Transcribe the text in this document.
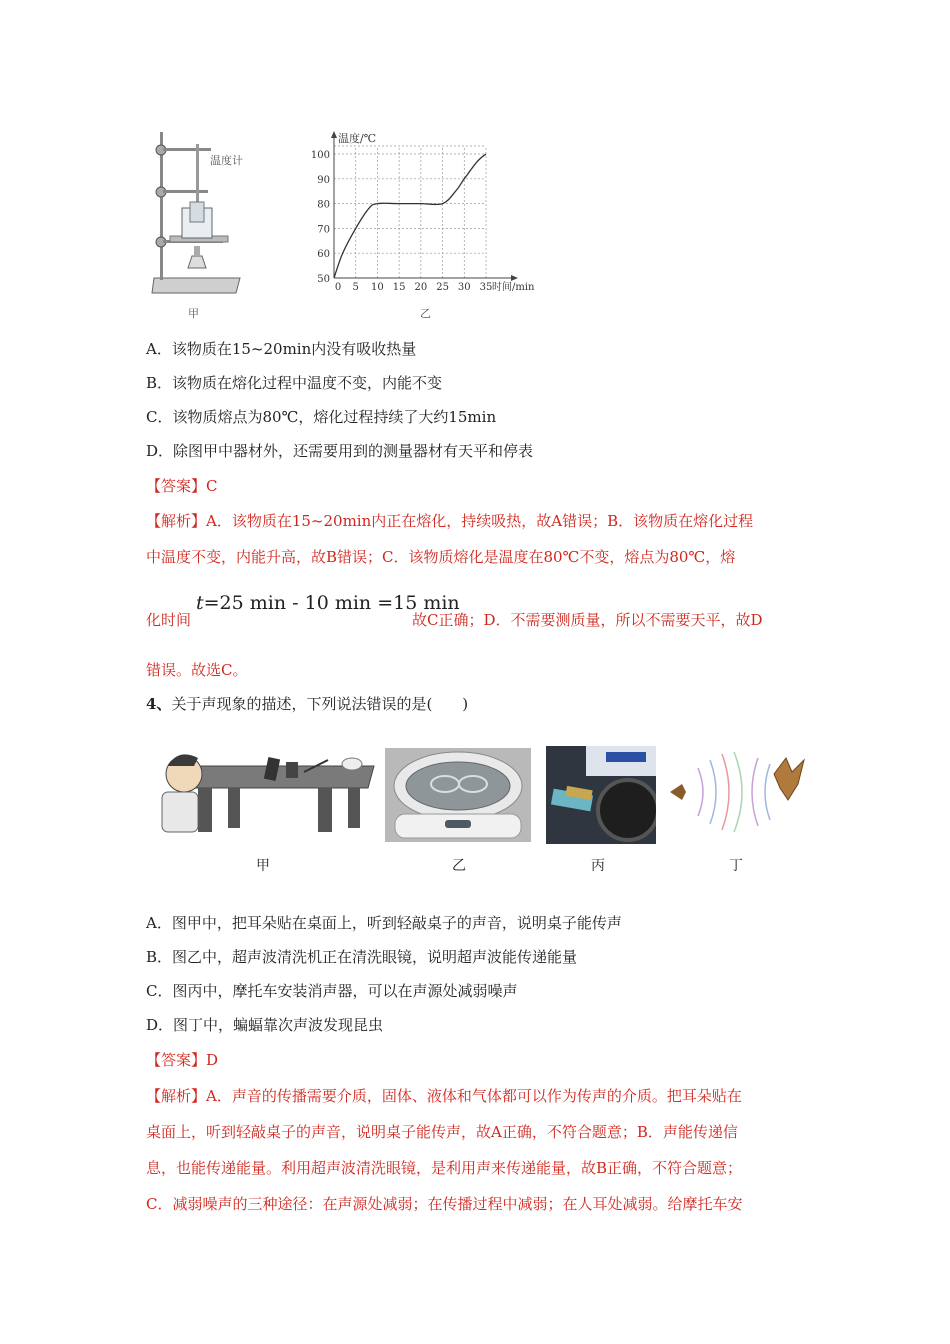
温度计
甲
100
90
80
70
60
50
0 5 10 15 20 25 30 35
温度/℃
时间/min
乙
A．该物质在15~20min内没有吸收热量
B．该物质在熔化过程中温度不变，内能不变
C．该物质熔点为80℃，熔化过程持续了大约15min
D．除图甲中器材外，还需要用到的测量器材有天平和停表
【答案】C
【解析】A．该物质在15~20min内正在熔化，持续吸热，故A错误；B．该物质在熔化过程
中温度不变，内能升高，故B错误；C．该物质熔化是温度在80℃不变，熔点为80℃，熔
化时间
t=25 min - 10 min =15 min
故C正确；D．不需要测质量，所以不需要天平，故D
错误。故选C。
4、关于声现象的描述，下列说法错误的是(　　)
甲	乙	丙	丁
A．图甲中，把耳朵贴在桌面上，听到轻敲桌子的声音，说明桌子能传声
B．图乙中，超声波清洗机正在清洗眼镜，说明超声波能传递能量
C．图丙中，摩托车安装消声器，可以在声源处减弱噪声
D．图丁中，蝙蝠靠次声波发现昆虫
【答案】D
【解析】A．声音的传播需要介质，固体、液体和气体都可以作为传声的介质。把耳朵贴在
桌面上，听到轻敲桌子的声音，说明桌子能传声，故A正确，不符合题意；B．声能传递信
息，也能传递能量。利用超声波清洗眼镜，是利用声来传递能量，故B正确，不符合题意；
C．减弱噪声的三种途径：在声源处减弱；在传播过程中减弱；在人耳处减弱。给摩托车安
